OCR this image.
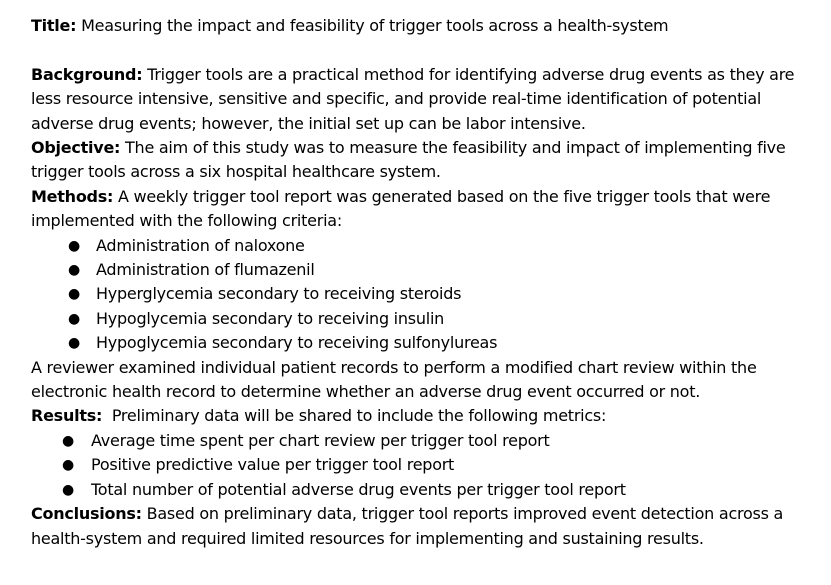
Title: Measuring the impact and feasibility of trigger tools across a health-system

Background: Trigger tools are a practical method for identifying adverse drug events as they are less resource intensive, sensitive and specific, and provide real-time identification of potential adverse drug events; however, the initial set up can be labor intensive.

Objective: The aim of this study was to measure the feasibility and impact of implementing five trigger tools across a six hospital healthcare system.

Methods: A weekly trigger tool report was generated based on the five trigger tools that were implemented with the following criteria:

● Administration of naloxone
● Administration of flumazenil
● Hyperglycemia secondary to receiving steroids
● Hypoglycemia secondary to receiving insulin
● Hypoglycemia secondary to receiving sulfonylureas

A reviewer examined individual patient records to perform a modified chart review within the electronic health record to determine whether an adverse drug event occurred or not.

Results:  Preliminary data will be shared to include the following metrics:

● Average time spent per chart review per trigger tool report
● Positive predictive value per trigger tool report
● Total number of potential adverse drug events per trigger tool report

Conclusions: Based on preliminary data, trigger tool reports improved event detection across a health-system and required limited resources for implementing and sustaining results.
